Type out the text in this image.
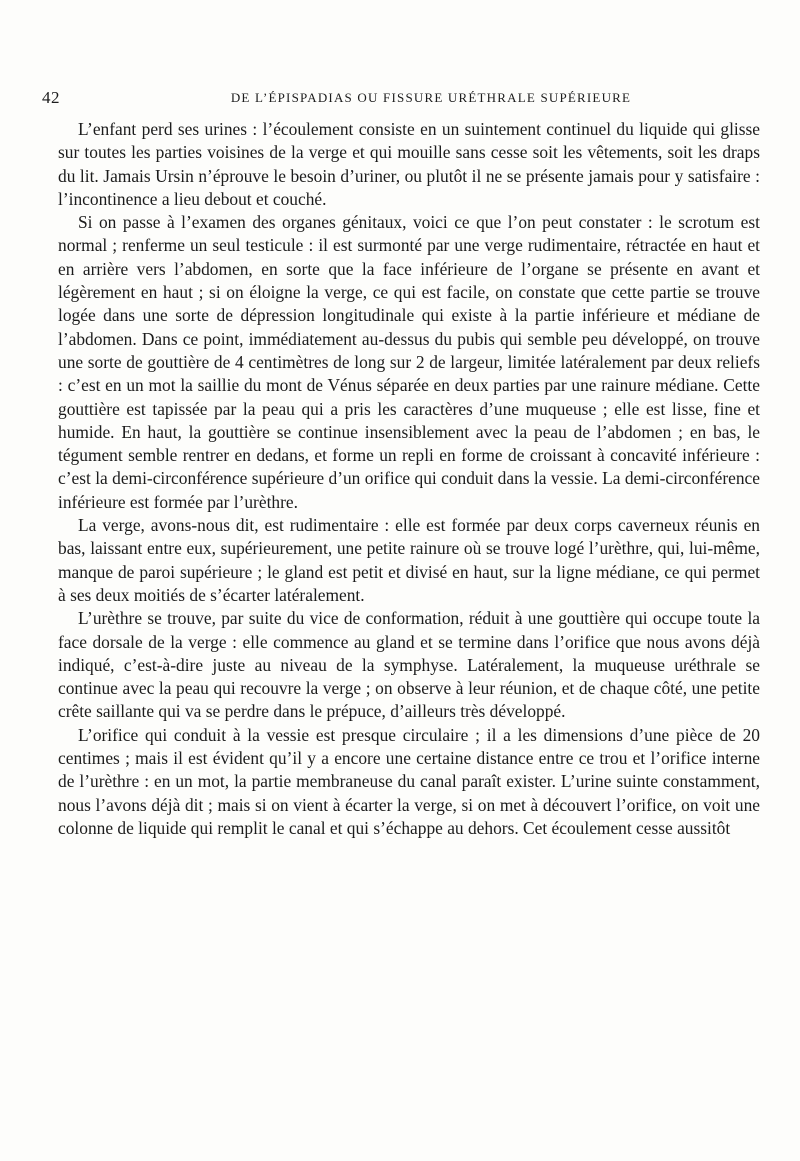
42	DE L’ÉPISPADIAS OU FISSURE URÉTHRALE SUPÉRIEURE

L’enfant perd ses urines : l’écoulement consiste en un suintement continuel du liquide qui glisse sur toutes les parties voisines de la verge et qui mouille sans cesse soit les vêtements, soit les draps du lit. Jamais Ursin n’éprouve le besoin d’uriner, ou plutôt il ne se présente jamais pour y satisfaire : l’incontinence a lieu debout et couché.

Si on passe à l’examen des organes génitaux, voici ce que l’on peut constater : le scrotum est normal ; renferme un seul testicule : il est surmonté par une verge rudimentaire, rétractée en haut et en arrière vers l’abdomen, en sorte que la face inférieure de l’organe se présente en avant et légèrement en haut ; si on éloigne la verge, ce qui est facile, on constate que cette partie se trouve logée dans une sorte de dépression longitudinale qui existe à la partie inférieure et médiane de l’abdomen. Dans ce point, immédiatement au-dessus du pubis qui semble peu développé, on trouve une sorte de gouttière de 4 centimètres de long sur 2 de largeur, limitée latéralement par deux reliefs : c’est en un mot la saillie du mont de Vénus séparée en deux parties par une rainure médiane. Cette gouttière est tapissée par la peau qui a pris les caractères d’une muqueuse ; elle est lisse, fine et humide. En haut, la gouttière se continue insensiblement avec la peau de l’abdomen ; en bas, le tégument semble rentrer en dedans, et forme un repli en forme de croissant à concavité inférieure : c’est la demi-circonférence supérieure d’un orifice qui conduit dans la vessie. La demi-circonférence inférieure est formée par l’urèthre.

La verge, avons-nous dit, est rudimentaire : elle est formée par deux corps caverneux réunis en bas, laissant entre eux, supérieurement, une petite rainure où se trouve logé l’urèthre, qui, lui-même, manque de paroi supérieure ; le gland est petit et divisé en haut, sur la ligne médiane, ce qui permet à ses deux moitiés de s’écarter latéralement.

L’urèthre se trouve, par suite du vice de conformation, réduit à une gouttière qui occupe toute la face dorsale de la verge : elle commence au gland et se termine dans l’orifice que nous avons déjà indiqué, c’est-à-dire juste au niveau de la symphyse. Latéralement, la muqueuse uréthrale se continue avec la peau qui recouvre la verge ; on observe à leur réunion, et de chaque côté, une petite crête saillante qui va se perdre dans le prépuce, d’ailleurs très développé.

L’orifice qui conduit à la vessie est presque circulaire ; il a les dimensions d’une pièce de 20 centimes ; mais il est évident qu’il y a encore une certaine distance entre ce trou et l’orifice interne de l’urèthre : en un mot, la partie membraneuse du canal paraît exister. L’urine suinte constamment, nous l’avons déjà dit ; mais si on vient à écarter la verge, si on met à découvert l’orifice, on voit une colonne de liquide qui remplit le canal et qui s’échappe au dehors. Cet écoulement cesse aussitôt
